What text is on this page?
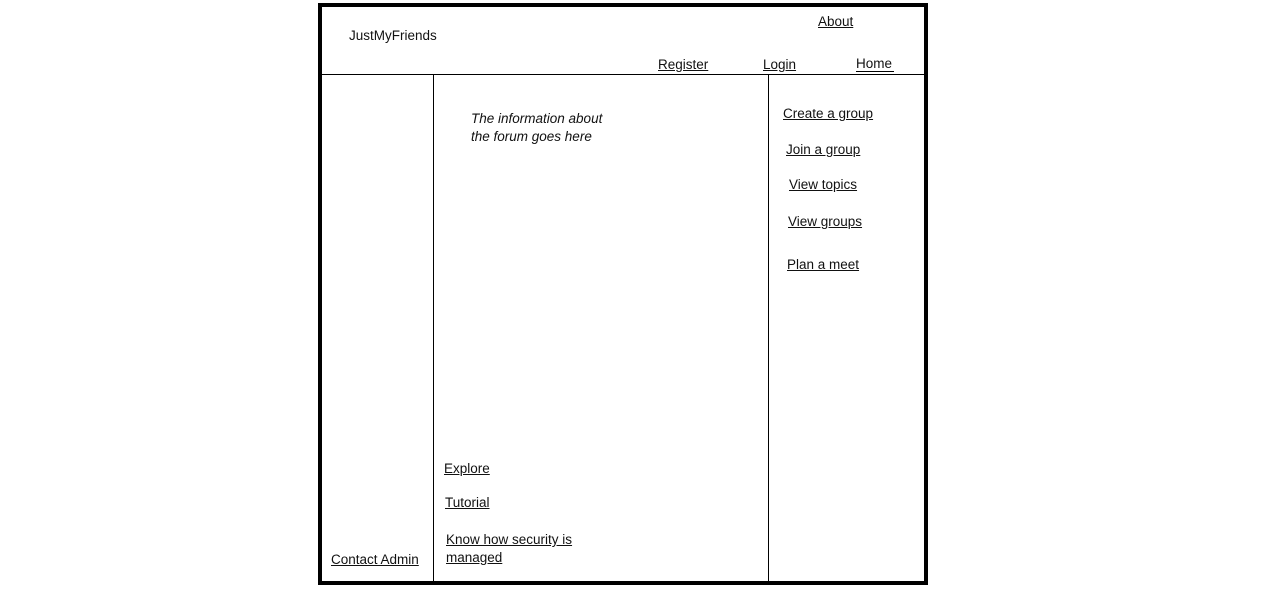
JustMyFriends
About
Register	Login	Home
The information about the forum goes here
Create a group
Join a group
View topics
View groups
Plan a meet
Explore
Tutorial
Know how security is managed
Contact Admin
